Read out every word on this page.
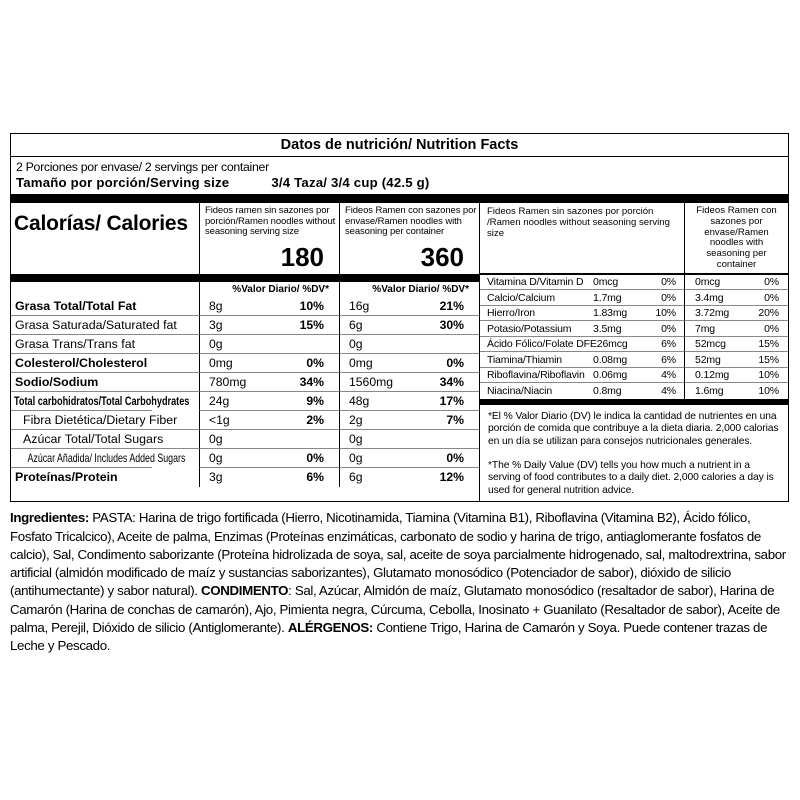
Datos de nutrición/ Nutrition Facts
2 Porciones por envase/ 2 servings per container
Tamaño por porción/Serving size	3/4 Taza/ 3/4 cup (42.5 g)
Calorías/ Calories
Fideos ramen sin sazones por porción/Ramen noodles without seasoning serving size
180
Fideos Ramen con sazones por envase/Ramen noodles with seasoning per container
360
%Valor Diario/ %DV*	%Valor Diario/ %DV*
Grasa Total/Total Fat	8g	10%	16g	21%
Grasa Saturada/Saturated fat	3g	15%	6g	30%
Grasa Trans/Trans fat	0g	0g
Colesterol/Cholesterol	0mg	0%	0mg	0%
Sodio/Sodium	780mg	34%	1560mg	34%
Total carbohidratos/Total Carbohydrates	24g	9%	48g	17%
Fibra Dietética/Dietary Fiber	<1g	2%	2g	7%
Azúcar Total/Total Sugars	0g	0g
Azúcar Añadida/ Includes Added Sugars	0g	0%	0g	0%
Proteínas/Protein	3g	6%	6g	12%
Fideos Ramen sin sazones por porción /Ramen noodles without seasoning serving size
Fideos Ramen con sazones por envase/Ramen noodles with seasoning per container
Vitamina D/Vitamin D 0mcg	0%	0mcg	0%
Calcio/Calcium	1.7mg	0%	3.4mg	0%
Hierro/Iron	1.83mg	10%	3.72mg	20%
Potasio/Potassium	3.5mg	0%	7mg	0%
Ácido Fólico/Folate DFE 26mcg	6%	52mcg	15%
Tiamina/Thiamin	0.08mg	6%	52mg	15%
Riboflavina/Riboflavin 0.06mg	4%	0.12mg	10%
Niacina/Niacin	0.8mg	4%	1.6mg	10%
*El % Valor Diario (DV) le indica la cantidad de nutrientes en una porción de comida que contribuye a la dieta diaria. 2,000 calorias en un día se utilizan para consejos nutricionales generales.
*The % Daily Value (DV) tells you how much a nutrient in a serving of food contributes to a daily diet. 2,000 calories a day is used for general nutrition advice.

Ingredientes: PASTA: Harina de trigo fortificada (Hierro, Nicotinamida, Tiamina (Vitamina B1), Riboflavina (Vitamina B2), Ácido fólico, Fosfato Tricalcico), Aceite de palma, Enzimas (Proteínas enzimáticas, carbonato de sodio y harina de trigo, antiaglomerante fosfatos de calcio), Sal, Condimento saborizante (Proteína hidrolizada de soya, sal, aceite de soya parcialmente hidrogenado, sal, maltodrextrina, sabor artificial (almidón modificado de maíz y sustancias saborizantes), Glutamato monosódico (Potenciador de sabor), dióxido de silicio (antihumectante) y sabor natural). CONDIMENTO: Sal, Azúcar, Almidón de maíz, Glutamato monosódico (resaltador de sabor), Harina de Camarón (Harina de conchas de camarón), Ajo, Pimienta negra, Cúrcuma, Cebolla, Inosinato + Guanilato (Resaltador de sabor), Aceite de palma, Perejil, Dióxido de silicio (Antiglomerante). ALÉRGENOS: Contiene Trigo, Harina de Camarón y Soya. Puede contener trazas de Leche y Pescado.
